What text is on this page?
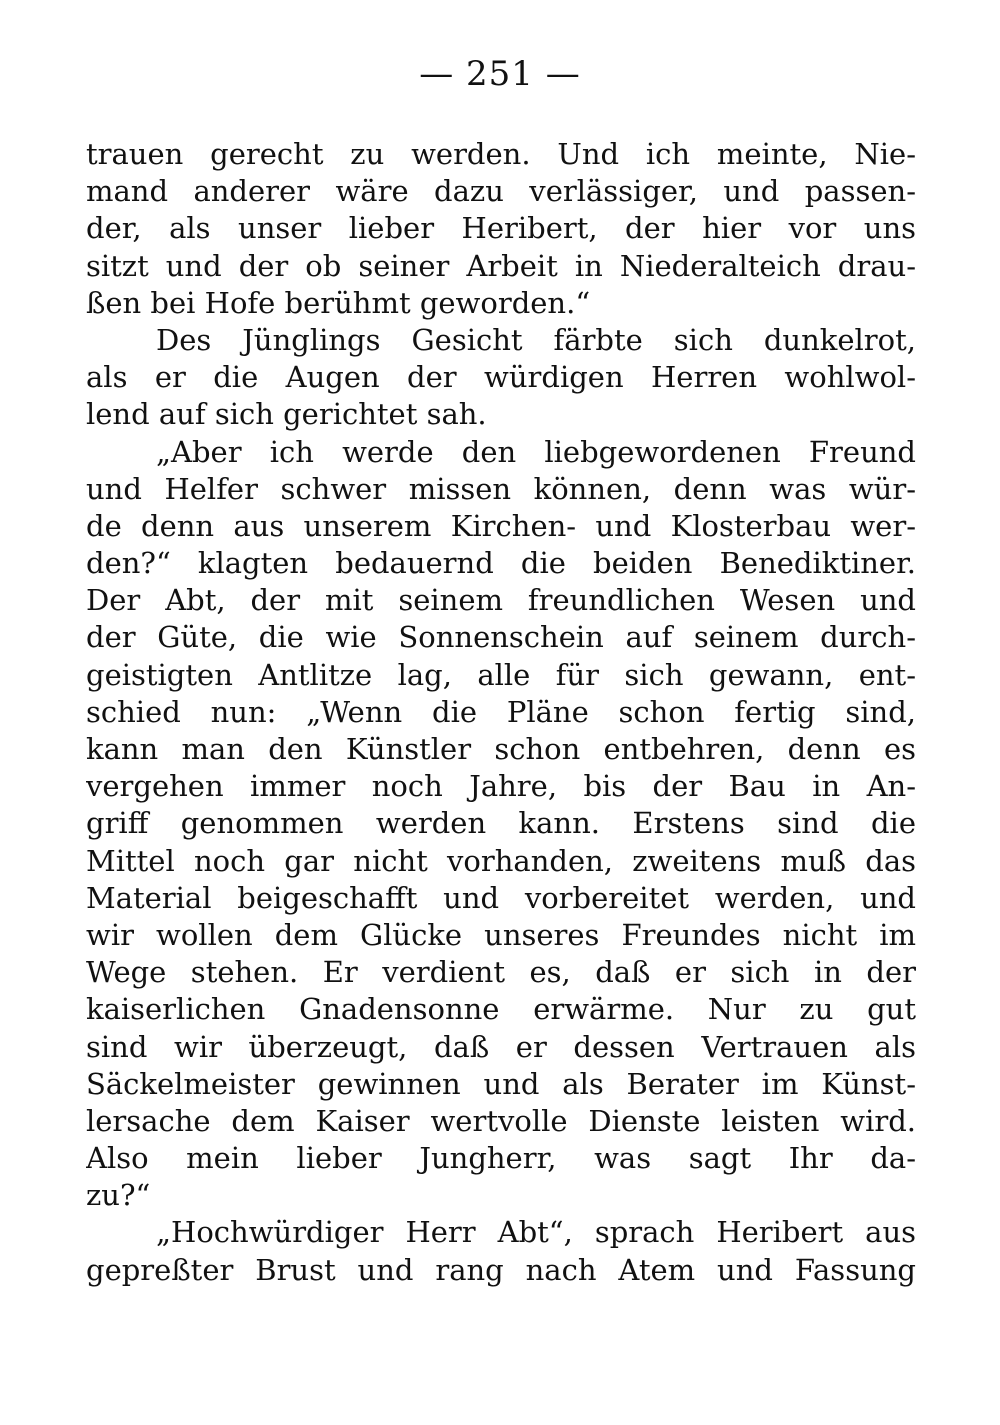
— 251 —
trauen gerecht zu werden. Und ich meinte, Nie-
mand anderer wäre dazu verlässiger, und passen-
der, als unser lieber Heribert, der hier vor uns
sitzt und der ob seiner Arbeit in Niederalteich drau-
ßen bei Hofe berühmt geworden.“
Des Jünglings Gesicht färbte sich dunkelrot,
als er die Augen der würdigen Herren wohlwol-
lend auf sich gerichtet sah.
„Aber ich werde den liebgewordenen Freund
und Helfer schwer missen können, denn was wür-
de denn aus unserem Kirchen- und Klosterbau wer-
den?“ klagten bedauernd die beiden Benediktiner.
Der Abt, der mit seinem freundlichen Wesen und
der Güte, die wie Sonnenschein auf seinem durch-
geistigten Antlitze lag, alle für sich gewann, ent-
schied nun: „Wenn die Pläne schon fertig sind,
kann man den Künstler schon entbehren, denn es
vergehen immer noch Jahre, bis der Bau in An-
griff genommen werden kann. Erstens sind die
Mittel noch gar nicht vorhanden, zweitens muß das
Material beigeschafft und vorbereitet werden, und
wir wollen dem Glücke unseres Freundes nicht im
Wege stehen. Er verdient es, daß er sich in der
kaiserlichen Gnadensonne erwärme. Nur zu gut
sind wir überzeugt, daß er dessen Vertrauen als
Säckelmeister gewinnen und als Berater im Künst-
lersache dem Kaiser wertvolle Dienste leisten wird.
Also mein lieber Jungherr, was sagt Ihr da-
zu?“
„Hochwürdiger Herr Abt“, sprach Heribert aus
gepreßter Brust und rang nach Atem und Fassung
